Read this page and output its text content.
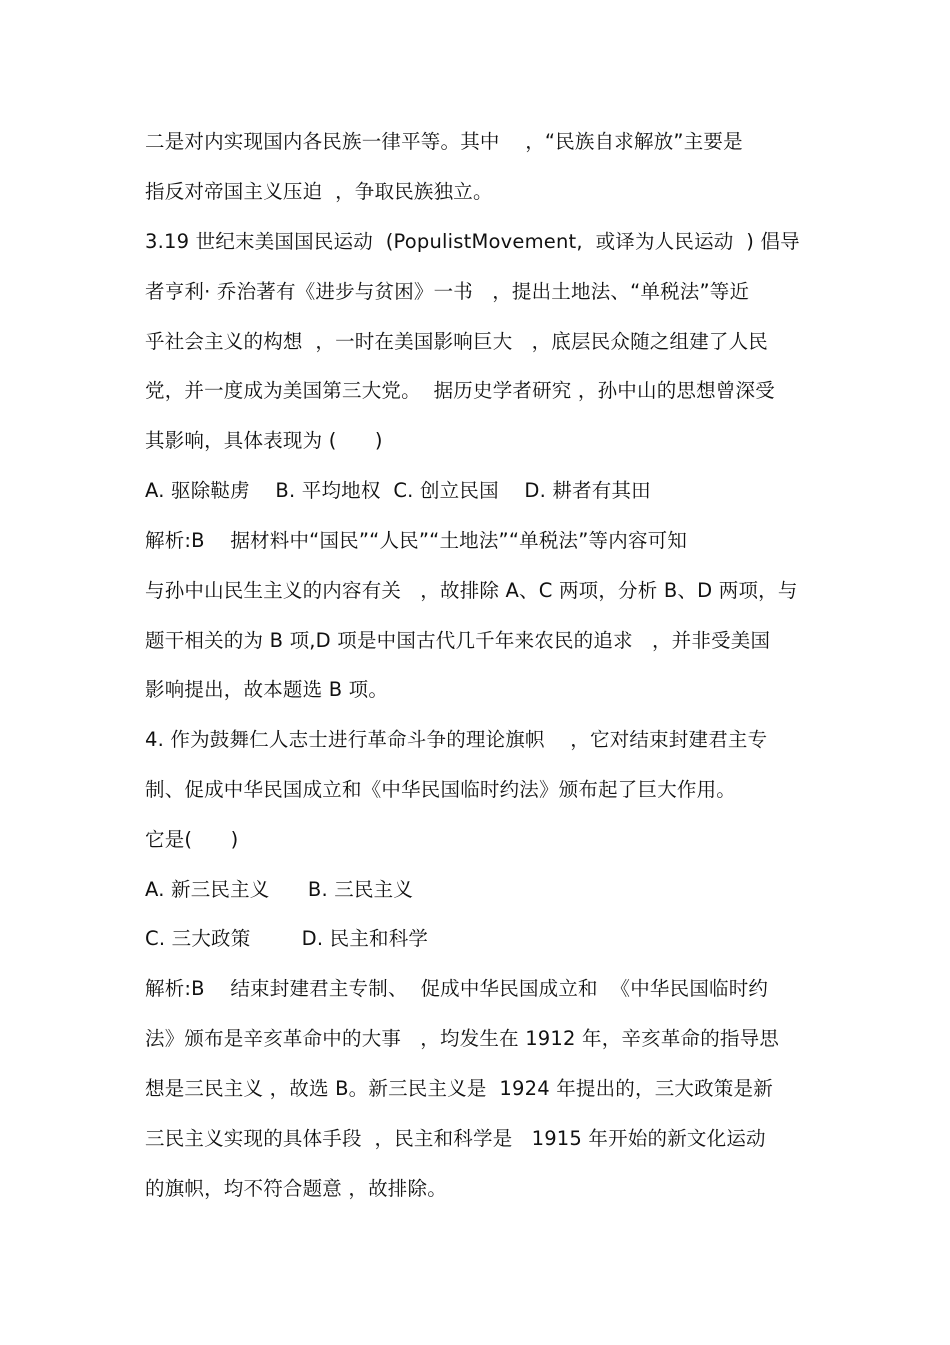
二是对内实现国内各民族一律平等。其中    ，“民族自求解放”主要是
指反对帝国主义压迫  ，争取民族独立。
3.19 世纪末美国国民运动  (PopulistMovement,  或译为人民运动  ) 倡导
者亨利· 乔治著有《进步与贫困》一书   ，提出土地法、“单税法”等近
乎社会主义的构想  ，一时在美国影响巨大   ，底层民众随之组建了人民
党，并一度成为美国第三大党。  据历史学者研究 ，孙中山的思想曾深受
其影响，具体表现为 (      )
A. 驱除鞑虏    B. 平均地权  C. 创立民国    D. 耕者有其田
解析:B    据材料中“国民”“人民”“土地法”“单税法”等内容可知
与孙中山民生主义的内容有关   ，故排除 A、C 两项，分析 B、D 两项，与
题干相关的为 B 项,D 项是中国古代几千年来农民的追求   ，并非受美国
影响提出，故本题选 B 项。
4. 作为鼓舞仁人志士进行革命斗争的理论旗帜    ，它对结束封建君主专
制、促成中华民国成立和《中华民国临时约法》颁布起了巨大作用。
它是(      )
A. 新三民主义      B. 三民主义
C. 三大政策        D. 民主和科学
解析:B    结束封建君主专制、  促成中华民国成立和  《中华民国临时约
法》颁布是辛亥革命中的大事   ，均发生在 1912 年，辛亥革命的指导思
想是三民主义 ，故选 B。新三民主义是  1924 年提出的，三大政策是新
三民主义实现的具体手段  ，民主和科学是   1915 年开始的新文化运动
的旗帜，均不符合题意 ，故排除。
